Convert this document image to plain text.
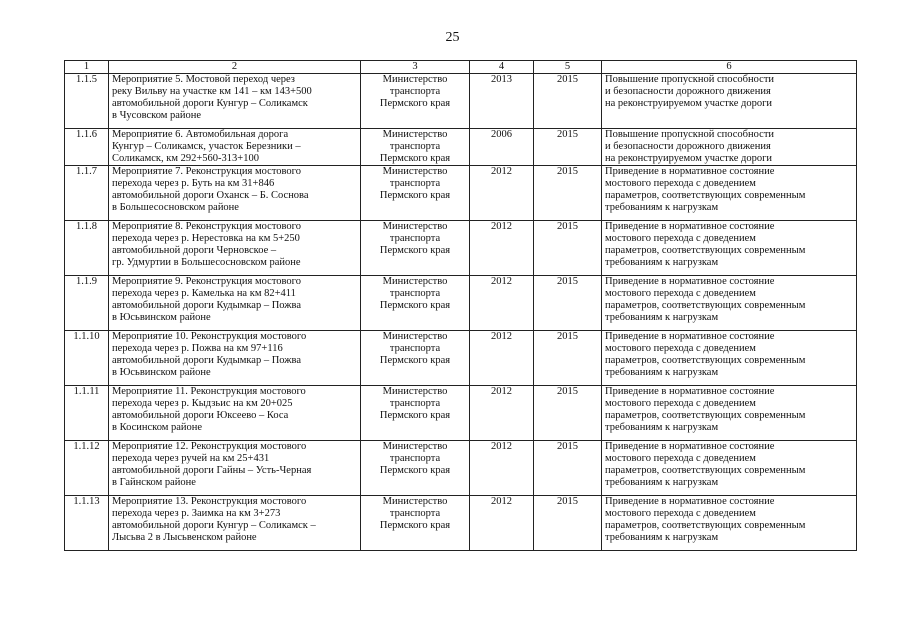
25
1	2	3	4	5	6
1.1.5	Мероприятие 5. Мостовой переход через
реку Вильву на участке км 141 – км 143+500
автомобильной дороги Кунгур – Соликамск
в Чусовском районе	Министерство
транспорта
Пермского края	2013	2015	Повышение пропускной способности
и безопасности дорожного движения
на реконструируемом участке дороги

1.1.6	Мероприятие 6. Автомобильная дорога
Кунгур – Соликамск, участок Березники –
Соликамск, км 292+560-313+100	Министерство
транспорта
Пермского края	2006	2015	Повышение пропускной способности
и безопасности дорожного движения
на реконструируемом участке дороги

1.1.7	Мероприятие 7. Реконструкция мостового
перехода через р. Буть на км 31+846
автомобильной дороги Оханск – Б. Соснова
в Большесосновском районе	Министерство
транспорта
Пермского края	2012	2015	Приведение в нормативное состояние
мостового перехода с доведением
параметров, соответствующих современным
требованиям к нагрузкам

1.1.8	Мероприятие 8. Реконструкция мостового
перехода через р. Нерестовка на км 5+250
автомобильной дороги Черновское –
гр. Удмуртии в Большесосновском районе	Министерство
транспорта
Пермского края	2012	2015	Приведение в нормативное состояние
мостового перехода с доведением
параметров, соответствующих современным
требованиям к нагрузкам

1.1.9	Мероприятие 9. Реконструкция мостового
перехода через р. Камелька на км 82+411
автомобильной дороги Кудымкар – Пожва
в Юсьвинском районе	Министерство
транспорта
Пермского края	2012	2015	Приведение в нормативное состояние
мостового перехода с доведением
параметров, соответствующих современным
требованиям к нагрузкам

1.1.10	Мероприятие 10. Реконструкция мостового
перехода через р. Пожва на км 97+116
автомобильной дороги Кудымкар – Пожва
в Юсьвинском районе	Министерство
транспорта
Пермского края	2012	2015	Приведение в нормативное состояние
мостового перехода с доведением
параметров, соответствующих современным
требованиям к нагрузкам

1.1.11	Мероприятие 11. Реконструкция мостового
перехода через р. Кыдзьис на км 20+025
автомобильной дороги Юксеево – Коса
в Косинском районе	Министерство
транспорта
Пермского края	2012	2015	Приведение в нормативное состояние
мостового перехода с доведением
параметров, соответствующих современным
требованиям к нагрузкам

1.1.12	Мероприятие 12. Реконструкция мостового
перехода через ручей на км 25+431
автомобильной дороги Гайны – Усть-Черная
в Гайнском районе	Министерство
транспорта
Пермского края	2012	2015	Приведение в нормативное состояние
мостового перехода с доведением
параметров, соответствующих современным
требованиям к нагрузкам

1.1.13	Мероприятие 13. Реконструкция мостового
перехода через р. Заимка на км 3+273
автомобильной дороги Кунгур – Соликамск –
Лысьва 2 в Лысьвенском районе	Министерство
транспорта
Пермского края	2012	2015	Приведение в нормативное состояние
мостового перехода с доведением
параметров, соответствующих современным
требованиям к нагрузкам
